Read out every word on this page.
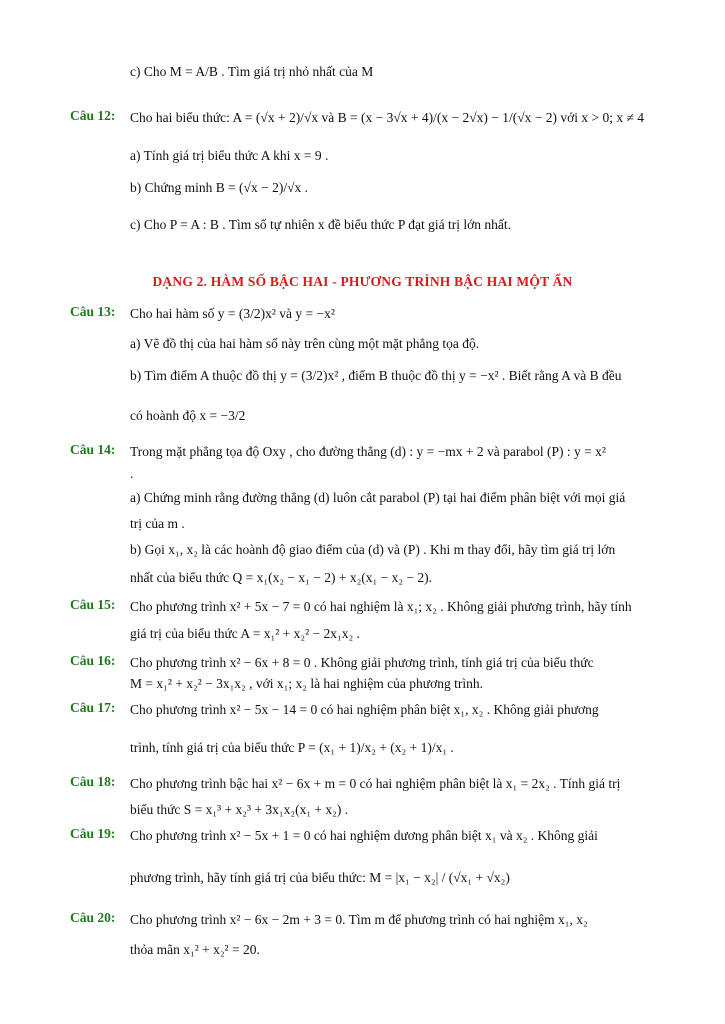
c) Cho M = A/B . Tìm giá trị nhỏ nhất của M
Câu 12:	Cho hai biểu thức: A = (√x + 2)/√x và B = (x − 3√x + 4)/(x − 2√x) − 1/(√x − 2) với x > 0; x ≠ 4
a) Tính giá trị biểu thức A khi x = 9 .
b) Chứng minh B = (√x − 2)/√x .
c) Cho P = A : B . Tìm số tự nhiên x đề biểu thức P đạt giá trị lớn nhất.
DẠNG 2. HÀM SỐ BẬC HAI - PHƯƠNG TRÌNH BẬC HAI MỘT ẨN
Câu 13:	Cho hai hàm số y = (3/2)x² và y = −x²
a) Vẽ đồ thị của hai hàm số này trên cùng một mặt phẳng tọa độ.
b) Tìm điểm A thuộc đồ thị y = (3/2)x² , điểm B thuộc đồ thị y = −x² . Biết rằng A và B đều
có hoành độ x = −3/2
Câu 14:	Trong mặt phẳng tọa độ Oxy , cho đường thẳng (d) : y = −mx + 2 và parabol (P) : y = x²
.
a) Chứng minh rằng đường thẳng (d) luôn cắt parabol (P) tại hai điểm phân biệt với mọi giá
trị của m .
b) Gọi x₁, x₂ là các hoành độ giao điểm của (d) và (P) . Khi m thay đổi, hãy tìm giá trị lớn
nhất của biểu thức Q = x₁(x₂ − x₁ − 2) + x₂(x₁ − x₂ − 2).
Câu 15:	Cho phương trình x² + 5x − 7 = 0 có hai nghiệm là x₁; x₂ . Không giải phương trình, hãy tính
giá trị của biểu thức A = x₁² + x₂² − 2x₁x₂ .
Câu 16:	Cho phương trình x² − 6x + 8 = 0 . Không giải phương trình, tính giá trị của biểu thức
M = x₁² + x₂² − 3x₁x₂ , với x₁; x₂ là hai nghiệm của phương trình.
Câu 17:	Cho phương trình x² − 5x − 14 = 0 có hai nghiệm phân biệt x₁, x₂ . Không giải phương
trình, tính giá trị của biểu thức P = (x₁ + 1)/x₂ + (x₂ + 1)/x₁ .
Câu 18:	Cho phương trình bậc hai x² − 6x + m = 0 có hai nghiệm phân biệt là x₁ = 2x₂ . Tính giá trị
biểu thức S = x₁³ + x₂³ + 3x₁x₂(x₁ + x₂) .
Câu 19:	Cho phương trình x² − 5x + 1 = 0 có hai nghiệm dương phân biệt x₁ và x₂ . Không giải
phương trình, hãy tính giá trị của biểu thức: M = |x₁ − x₂| / (√x₁ + √x₂)
Câu 20:	Cho phương trình x² − 6x − 2m + 3 = 0. Tìm m để phương trình có hai nghiệm x₁, x₂
thỏa mãn x₁² + x₂² = 20.
